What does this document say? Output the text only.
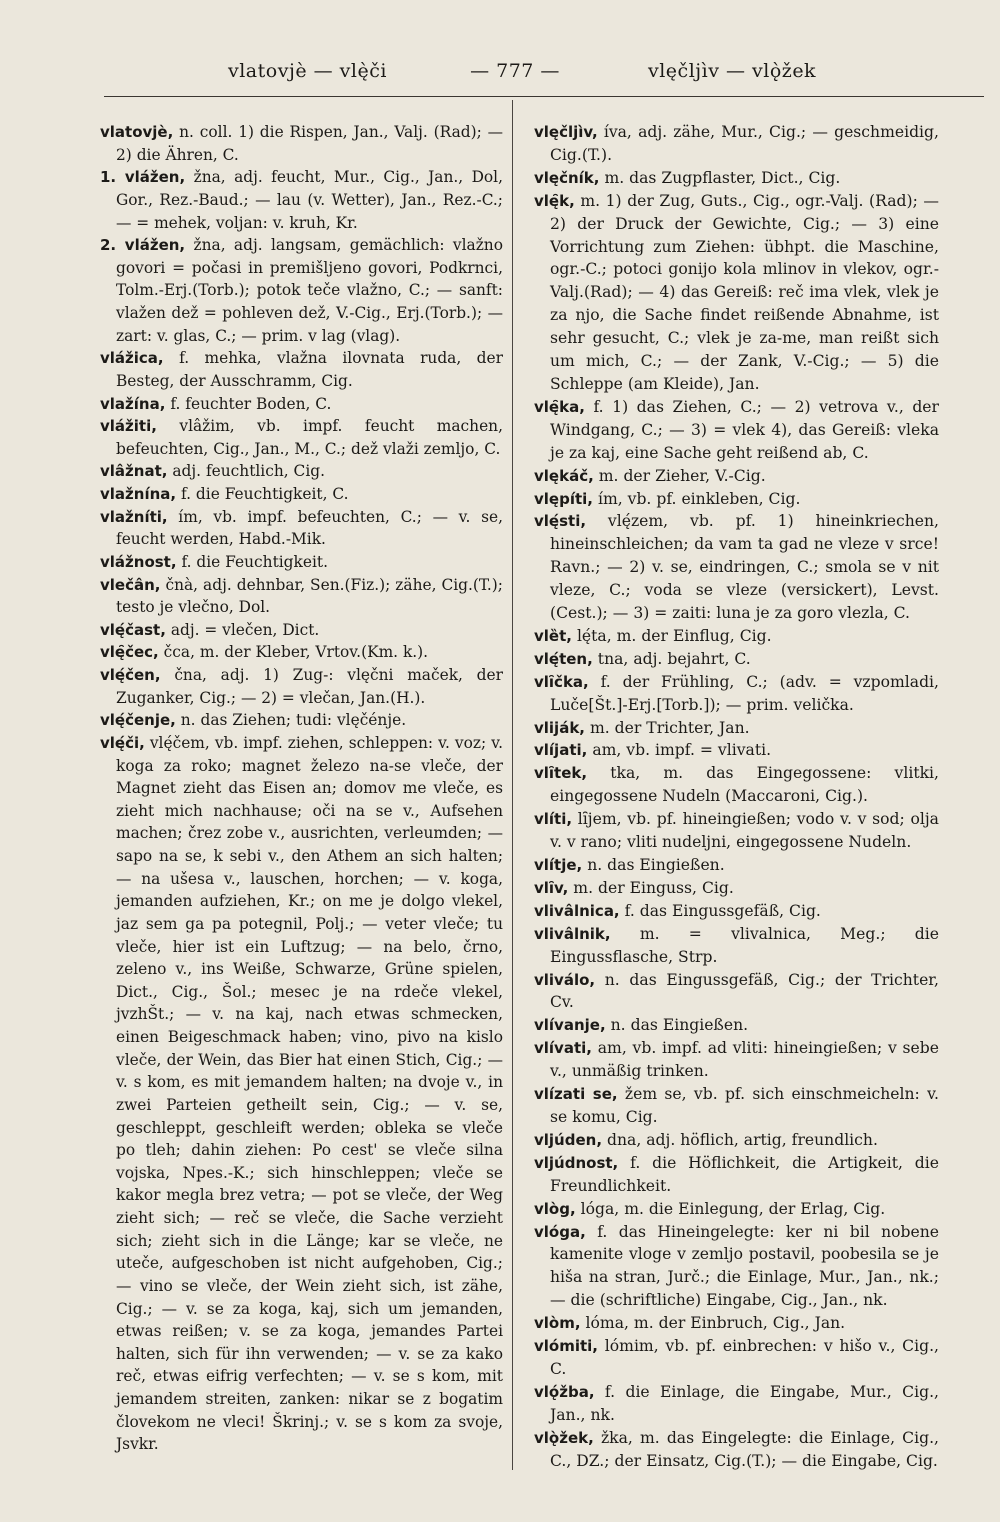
vlatovjè — vlę̀či	— 777 —	vlęčljìv — vlǫ̀žek

vlatovjè, n. coll. 1) die Rispen, Jan., Valj. (Rad); — 2) die Ähren, C.

1. vlážen, žna, adj. feucht, Mur., Cig., Jan., Dol, Gor., Rez.-Baud.; — lau (v. Wetter), Jan., Rez.-C.; — = mehek, voljan: v. kruh, Kr.

2. vlážen, žna, adj. langsam, gemächlich: vlažno govori = počasi in premišljeno govori, Podkrnci, Tolm.-Erj.(Torb.); potok teče vlažno, C.; — sanft: vlažen dež = pohleven dež, V.-Cig., Erj.(Torb.); — zart: v. glas, C.; — prim. v lag (vlag).

vlážica, f. mehka, vlažna ilovnata ruda, der Besteg, der Ausschramm, Cig.

vlažína, f. feuchter Boden, C.

vlážiti, vlâžim, vb. impf. feucht machen, befeuchten, Cig., Jan., M., C.; dež vlaži zemljo, C.

vlâžnat, adj. feuchtlich, Cig.

vlažnína, f. die Feuchtigkeit, C.

vlažníti, ím, vb. impf. befeuchten, C.; — v. se, feucht werden, Habd.-Mik.

vlážnost, f. die Feuchtigkeit.

vlečân, čnà, adj. dehnbar, Sen.(Fiz.); zähe, Cig.(T.); testo je vlečno, Dol.

vlę́čast, adj. = vlečen, Dict.

vlę̑čec, čca, m. der Kleber, Vrtov.(Km. k.).

vlę́čen, čna, adj. 1) Zug-: vlęčni maček, der Zuganker, Cig.; — 2) = vlečan, Jan.(H.).

vlę́čenje, n. das Ziehen; tudi: vlęčénje.

vlę́či, vlę́čem, vb. impf. ziehen, schleppen: v. voz; v. koga za roko; magnet železo na-se vleče, der Magnet zieht das Eisen an; domov me vleče, es zieht mich nachhause; oči na se v., Aufsehen machen; črez zobe v., ausrichten, verleumden; — sapo na se, k sebi v., den Athem an sich halten; — na ušesa v., lauschen, horchen; — v. koga, jemanden aufziehen, Kr.; on me je dolgo vlekel, jaz sem ga pa potegnil, Polj.; — veter vleče; tu vleče, hier ist ein Luftzug; — na belo, črno, zeleno v., ins Weiße, Schwarze, Grüne spielen, Dict., Cig., Šol.; mesec je na rdeče vlekel, jvzhŠt.; — v. na kaj, nach etwas schmecken, einen Beigeschmack haben; vino, pivo na kislo vleče, der Wein, das Bier hat einen Stich, Cig.; — v. s kom, es mit jemandem halten; na dvoje v., in zwei Parteien getheilt sein, Cig.; — v. se, geschleppt, geschleift werden; obleka se vleče po tleh; dahin ziehen: Po cest' se vleče silna vojska, Npes.-K.; sich hinschleppen; vleče se kakor megla brez vetra; — pot se vleče, der Weg zieht sich; — reč se vleče, die Sache verzieht sich; zieht sich in die Länge; kar se vleče, ne uteče, aufgeschoben ist nicht aufgehoben, Cig.; — vino se vleče, der Wein zieht sich, ist zähe, Cig.; — v. se za koga, kaj, sich um jemanden, etwas reißen; v. se za koga, jemandes Partei halten, sich für ihn verwenden; — v. se za kako reč, etwas eifrig verfechten; — v. se s kom, mit jemandem streiten, zanken: nikar se z bogatim človekom ne vleci! Škrinj.; v. se s kom za svoje, Jsvkr.

vlęčljìv, íva, adj. zähe, Mur., Cig.; — geschmeidig, Cig.(T.).

vlęčník, m. das Zugpflaster, Dict., Cig.

vlę̑k, m. 1) der Zug, Guts., Cig., ogr.-Valj. (Rad); — 2) der Druck der Gewichte, Cig.; — 3) eine Vorrichtung zum Ziehen: übhpt. die Maschine, ogr.-C.; potoci gonijo kola mlinov in vlekov, ogr.-Valj.(Rad); — 4) das Gereiß: reč ima vlek, vlek je za njo, die Sache findet reißende Abnahme, ist sehr gesucht, C.; vlek je za-me, man reißt sich um mich, C.; — der Zank, V.-Cig.; — 5) die Schleppe (am Kleide), Jan.

vlę̑ka, f. 1) das Ziehen, C.; — 2) vetrova v., der Windgang, C.; — 3) = vlek 4), das Gereiß: vleka je za kaj, eine Sache geht reißend ab, C.

vlękáč, m. der Zieher, V.-Cig.

vlępíti, ím, vb. pf. einkleben, Cig.

vlę́sti, vlę́zem, vb. pf. 1) hineinkriechen, hineinschleichen; da vam ta gad ne vleze v srce! Ravn.; — 2) v. se, eindringen, C.; smola se v nit vleze, C.; voda se vleze (versickert), Levst.(Cest.); — 3) = zaiti: luna je za goro vlezla, C.

vlȅt, lę́ta, m. der Einflug, Cig.

vlę́ten, tna, adj. bejahrt, C.

vlȋčka, f. der Frühling, C.; (adv. = vzpomladi, Luče[Št.]-Erj.[Torb.]); — prim. velička.

vliják, m. der Trichter, Jan.

vlíjati, am, vb. impf. = vlivati.

vlȋtek, tka, m. das Eingegossene: vlitki, eingegossene Nudeln (Maccaroni, Cig.).

vlíti, lȋjem, vb. pf. hineingießen; vodo v. v sod; olja v. v rano; vliti nudeljni, eingegossene Nudeln.

vlítje, n. das Eingießen.

vlȋv, m. der Einguss, Cig.

vlivâlnica, f. das Eingussgefäß, Cig.

vlivâlnik, m. = vlivalnica, Meg.; die Eingussflasche, Strp.

vliválo, n. das Eingussgefäß, Cig.; der Trichter, Cv.

vlívanje, n. das Eingießen.

vlívati, am, vb. impf. ad vliti: hineingießen; v sebe v., unmäßig trinken.

vlízati se, žem se, vb. pf. sich einschmeicheln: v. se komu, Cig.

vljúden, dna, adj. höflich, artig, freundlich.

vljúdnost, f. die Höflichkeit, die Artigkeit, die Freundlichkeit.

vlòg, lóga, m. die Einlegung, der Erlag, Cig.

vlóga, f. das Hineingelegte: ker ni bil nobene kamenite vloge v zemljo postavil, poobesila se je hiša na stran, Jurč.; die Einlage, Mur., Jan., nk.; — die (schriftliche) Eingabe, Cig., Jan., nk.

vlòm, lóma, m. der Einbruch, Cig., Jan.

vlómiti, lómim, vb. pf. einbrechen: v hišo v., Cig., C.

vlǫ́žba, f. die Einlage, die Eingabe, Mur., Cig., Jan., nk.

vlǫ̀žek, žka, m. das Eingelegte: die Einlage, Cig., C., DZ.; der Einsatz, Cig.(T.); — die Eingabe, Cig.
